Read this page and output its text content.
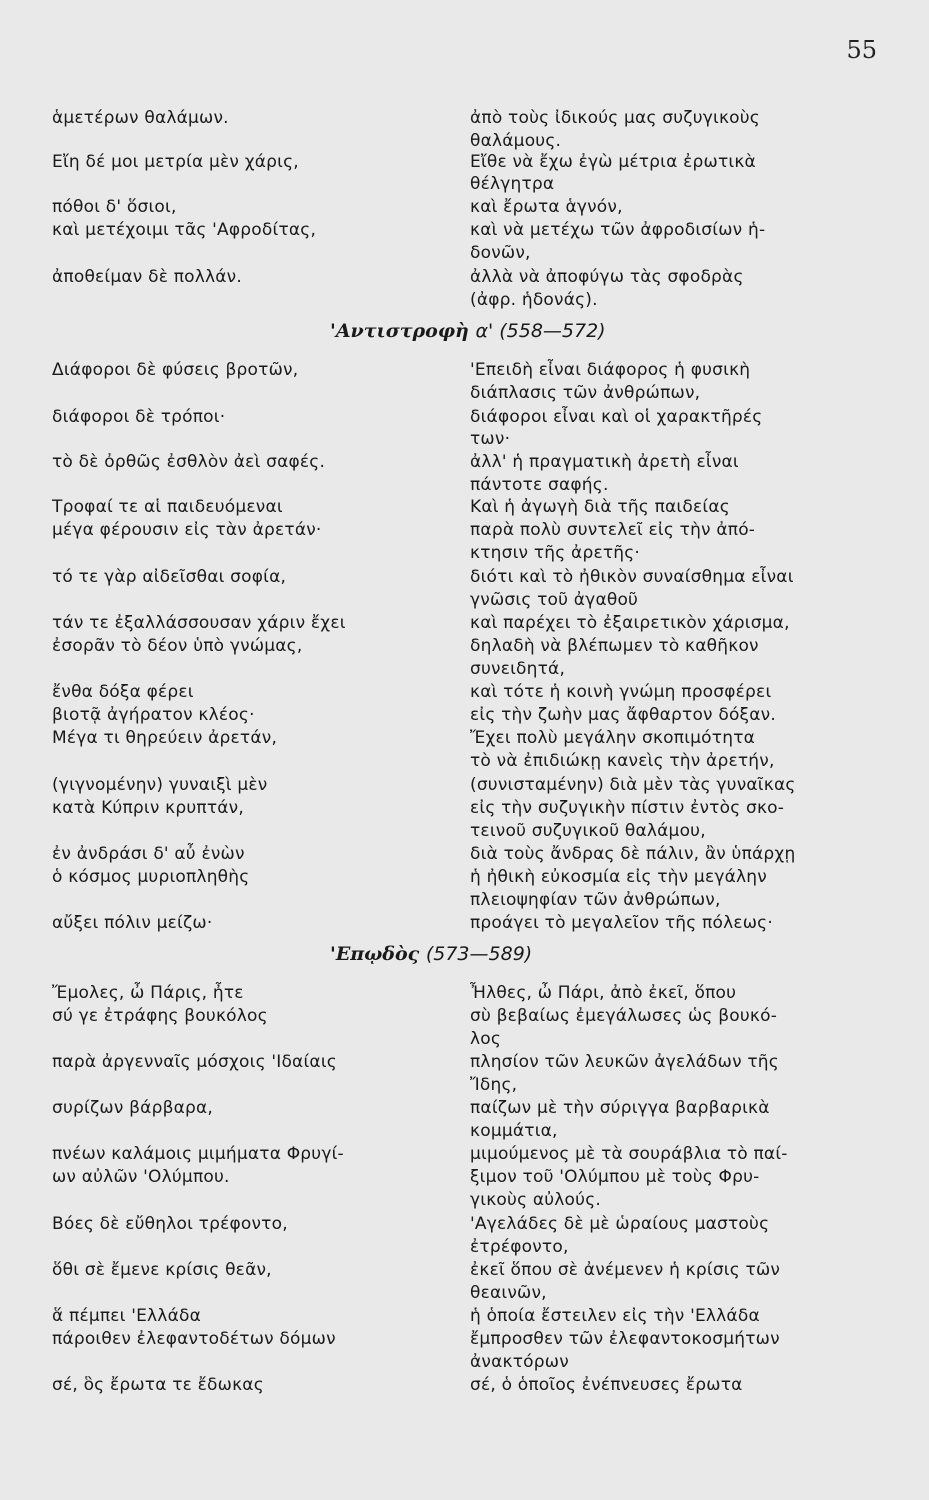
55
'Αντιστροφὴ α' (558—572)
'Επῳδὸς (573—589)
ἁμετέρων θαλάμων.
Εἴη δέ μοι μετρία μὲν χάρις,
πόθοι δ' ὅσιοι,
καὶ μετέχοιμι τᾶς 'Αφροδίτας,
ἀποθείμαν δὲ πολλάν.
Διάφοροι δὲ φύσεις βροτῶν,
διάφοροι δὲ τρόποι·
τὸ δὲ ὀρθῶς ἐσθλὸν ἀεὶ σαφές.
Τροφαί τε αἱ παιδευόμεναι
μέγα φέρουσιν εἰς τὰν ἀρετάν·
τό τε γὰρ αἰδεῖσθαι σοφία,
τάν τε ἐξαλλάσσουσαν χάριν ἔχει
ἐσορᾶν τὸ δέον ὑπὸ γνώμας,
ἔνθα δόξα φέρει
βιοτᾷ ἀγήρατον κλέος·
Μέγα τι θηρεύειν ἀρετάν,
(γιγνομένην) γυναιξὶ μὲν
κατὰ Κύπριν κρυπτάν,
ἐν ἀνδράσι δ' αὖ ἐνὼν
ὁ κόσμος μυριοπληθὴς
αὔξει πόλιν μείζω·
Ἔμολες, ὦ Πάρις, ἦτε
σύ γε ἐτράφης βουκόλος
παρὰ ἀργενναῖς μόσχοις 'Ιδαίαις
συρίζων βάρβαρα,
πνέων καλάμοις μιμήματα Φρυγί-
ων αὐλῶν 'Ολύμπου.
Βόες δὲ εὔθηλοι τρέφοντο,
ὅθι σὲ ἔμενε κρίσις θεᾶν,
ἅ πέμπει 'Ελλάδα
πάροιθεν ἐλεφαντοδέτων δόμων
σέ, ὃς ἔρωτα τε ἔδωκας
ἀπὸ τοὺς ἰδικούς μας συζυγικοὺς
θαλάμους.
Εἴθε νὰ ἔχω ἐγὼ μέτρια ἐρωτικὰ
θέλγητρα
καὶ ἔρωτα ἁγνόν,
καὶ νὰ μετέχω τῶν ἀφροδισίων ἡ-
δονῶν,
ἀλλὰ νὰ ἀποφύγω τὰς σφοδρὰς
(ἀφρ. ἡδονάς).
'Επειδὴ εἶναι διάφορος ἡ φυσικὴ
διάπλασις τῶν ἀνθρώπων,
διάφοροι εἶναι καὶ οἱ χαρακτῆρές
των·
ἀλλ' ἡ πραγματικὴ ἀρετὴ εἶναι
πάντοτε σαφής.
Καὶ ἡ ἀγωγὴ διὰ τῆς παιδείας
παρὰ πολὺ συντελεῖ εἰς τὴν ἀπό-
κτησιν τῆς ἀρετῆς·
διότι καὶ τὸ ἠθικὸν συναίσθημα εἶναι
γνῶσις τοῦ ἀγαθοῦ
καὶ παρέχει τὸ ἐξαιρετικὸν χάρισμα,
δηλαδὴ νὰ βλέπωμεν τὸ καθῆκον
συνειδητά,
καὶ τότε ἡ κοινὴ γνώμη προσφέρει
εἰς τὴν ζωὴν μας ἄφθαρτον δόξαν.
Ἔχει πολὺ μεγάλην σκοπιμότητα
τὸ νὰ ἐπιδιώκῃ κανεὶς τὴν ἀρετήν,
(συνισταμένην) διὰ μὲν τὰς γυναῖκας
εἰς τὴν συζυγικὴν πίστιν ἐντὸς σκο-
τεινοῦ συζυγικοῦ θαλάμου,
διὰ τοὺς ἄνδρας δὲ πάλιν, ἂν ὑπάρχῃ
ἡ ἠθικὴ εὐκοσμία εἰς τὴν μεγάλην
πλειοψηφίαν τῶν ἀνθρώπων,
προάγει τὸ μεγαλεῖον τῆς πόλεως·
Ἦλθες, ὦ Πάρι, ἀπὸ ἐκεῖ, ὅπου
σὺ βεβαίως ἐμεγάλωσες ὡς βουκό-
λος
πλησίον τῶν λευκῶν ἀγελάδων τῆς
Ἴδης,
παίζων μὲ τὴν σύριγγα βαρβαρικὰ
κομμάτια,
μιμούμενος μὲ τὰ σουράβλια τὸ παί-
ξιμον τοῦ 'Ολύμπου μὲ τοὺς Φρυ-
γικοὺς αὐλούς.
'Αγελάδες δὲ μὲ ὡραίους μαστοὺς
ἐτρέφοντο,
ἐκεῖ ὅπου σὲ ἀνέμενεν ἡ κρίσις τῶν
θεαινῶν,
ἡ ὁποία ἔστειλεν εἰς τὴν 'Ελλάδα
ἔμπροσθεν τῶν ἐλεφαντοκοσμήτων
ἀνακτόρων
σέ, ὁ ὁποῖος ἐνέπνευσες ἔρωτα
